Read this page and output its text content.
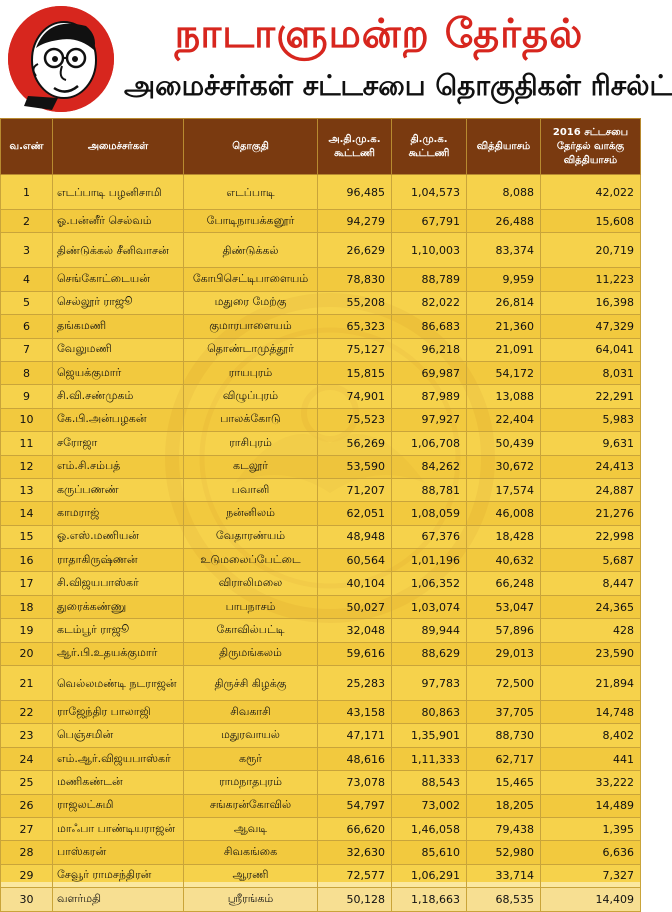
நாடாளுமன்ற தேர்தல்
அமைச்சர்கள் சட்டசபை தொகுதிகள் ரிசல்ட்
வ.எண்	அமைச்சர்கள்	தொகுதி	அ.தி.மு.க. கூட்டணி	தி.மு.க. கூட்டணி	வித்தியாசம்	2016 சட்டசபை தேர்தல் வாக்கு வித்தியாசம்
1	எடப்பாடி பழனிசாமி	எடப்பாடி	96,485	1,04,573	8,088	42,022
2	ஓ.பன்னீர் செல்வம்	போடிநாயக்கனூர்	94,279	67,791	26,488	15,608
3	திண்டுக்கல் சீனிவாசன்	திண்டுக்கல்	26,629	1,10,003	83,374	20,719
4	செங்கோட்டையன்	கோபிசெட்டிபாளையம்	78,830	88,789	9,959	11,223
5	செல்லூர் ராஜூ	மதுரை மேற்கு	55,208	82,022	26,814	16,398
6	தங்கமணி	குமாரபாளையம்	65,323	86,683	21,360	47,329
7	வேலுமணி	தொண்டாமுத்தூர்	75,127	96,218	21,091	64,041
8	ஜெயக்குமார்	ராயபுரம்	15,815	69,987	54,172	8,031
9	சி.வி.சண்முகம்	விழுப்புரம்	74,901	87,989	13,088	22,291
10	கே.பி.அன்பழகன்	பாலக்கோடு	75,523	97,927	22,404	5,983
11	சரோஜா	ராசிபுரம்	56,269	1,06,708	50,439	9,631
12	எம்.சி.சம்பத்	கடலூர்	53,590	84,262	30,672	24,413
13	கருப்பணண்	பவானி	71,207	88,781	17,574	24,887
14	காமராஜ்	நன்னிலம்	62,051	1,08,059	46,008	21,276
15	ஓ.எஸ்.மணியன்	வேதாரண்யம்	48,948	67,376	18,428	22,998
16	ராதாகிருஷ்ணன்	உடுமலைப்பேட்டை	60,564	1,01,196	40,632	5,687
17	சி.விஜயபாஸ்கர்	விராலிமலை	40,104	1,06,352	66,248	8,447
18	துரைக்கண்ணு	பாபநாசம்	50,027	1,03,074	53,047	24,365
19	கடம்பூர் ராஜூ	கோவில்பட்டி	32,048	89,944	57,896	428
20	ஆர்.பி.உதயக்குமார்	திருமங்கலம்	59,616	88,629	29,013	23,590
21	வெல்லமண்டி நடராஜன்	திருச்சி கிழக்கு	25,283	97,783	72,500	21,894
22	ராஜேந்திர பாலாஜி	சிவகாசி	43,158	80,863	37,705	14,748
23	பெஞ்சமின்	மதுரவாயல்	47,171	1,35,901	88,730	8,402
24	எம்.ஆர்.விஜயபாஸ்கர்	கரூர்	48,616	1,11,333	62,717	441
25	மணிகண்டன்	ராமநாதபுரம்	73,078	88,543	15,465	33,222
26	ராஜலட்சுமி	சங்கரன்கோவில்	54,797	73,002	18,205	14,489
27	மாஃபா பாண்டியராஜன்	ஆவடி	66,620	1,46,058	79,438	1,395
28	பாஸ்கரன்	சிவகங்கை	32,630	85,610	52,980	6,636
29	சேவூர் ராமசந்திரன்	ஆரணி	72,577	1,06,291	33,714	7,327
30	வளர்மதி	ஸ்ரீரங்கம்	50,128	1,18,663	68,535	14,409
